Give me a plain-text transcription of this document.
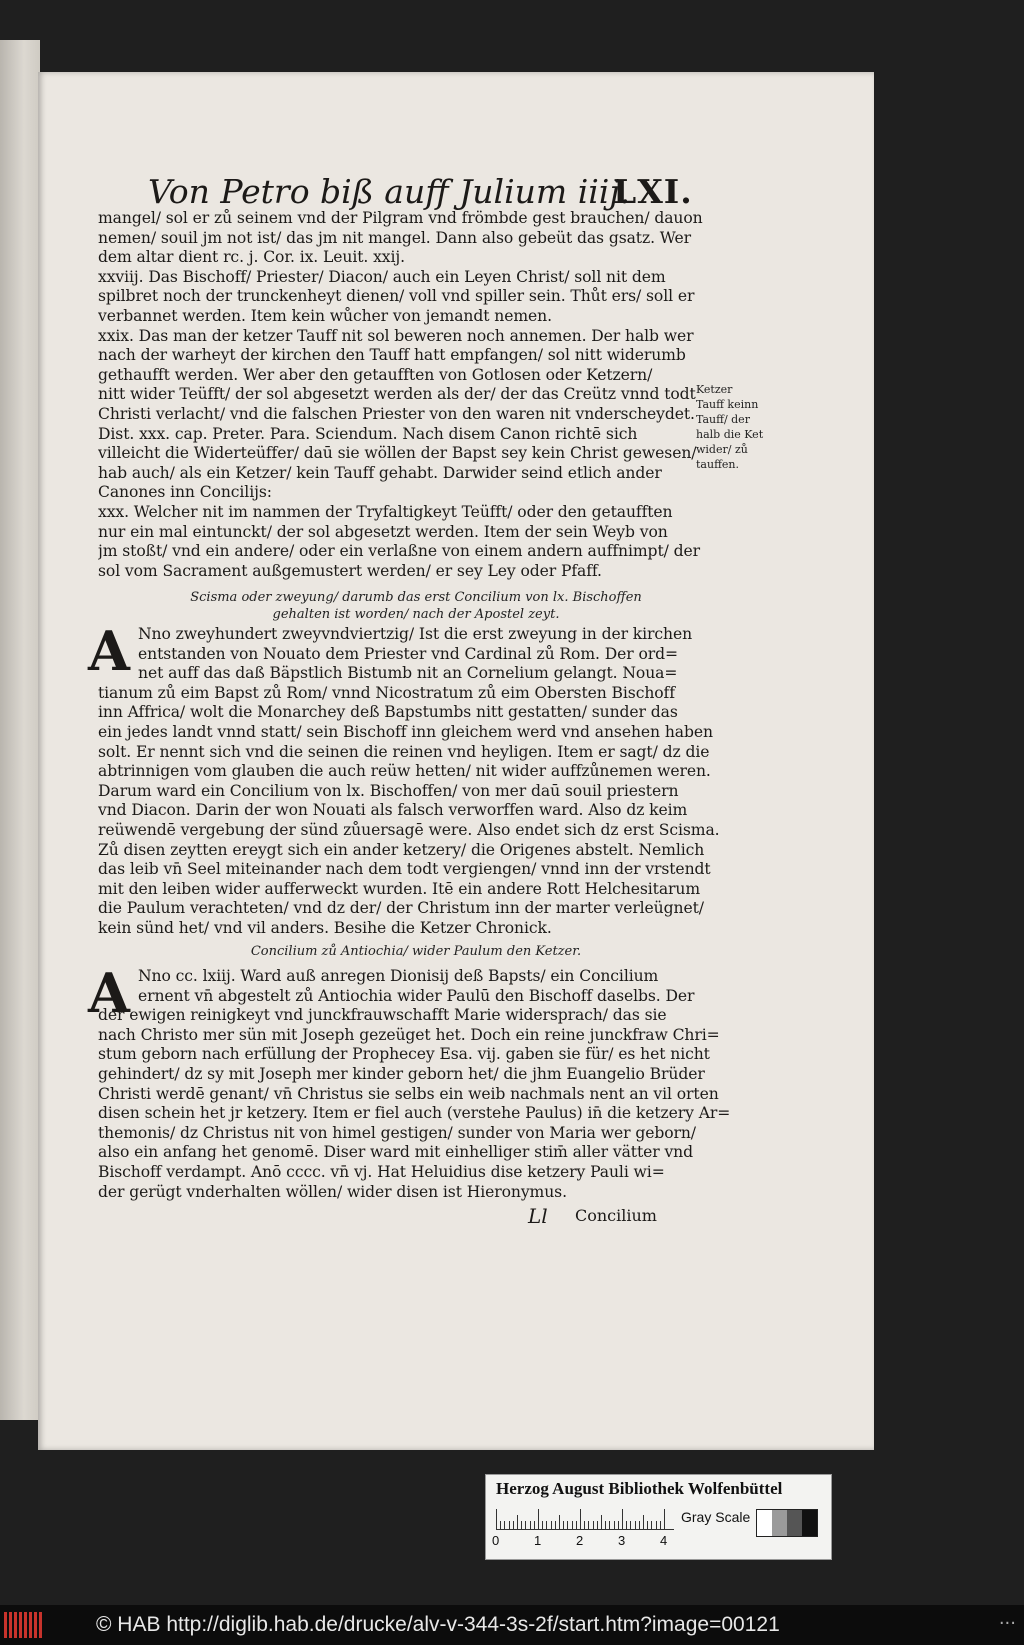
Von Petro biß auff Julium iiij.
LXI.
Concilium zů Antiochia/ wider Paulum den Ketzer.
A
A
Ketzer
Tauff keinn
Tauff/ der
halb die Ket
wider/ zů
tauffen.
Ll Concilium
mangel/ sol er zů seinem vnd der Pilgram vnd frömbde gest brauchen/ dauon
nemen/ souil jm not ist/ das jm nit mangel. Dann also gebeüt das gsatz. Wer
dem altar dient rc. j. Cor. ix. Leuit. xxij.
xxviij. Das Bischoff/ Priester/ Diacon/ auch ein Leyen Christ/ soll nit dem
spilbret noch der trunckenheyt dienen/ voll vnd spiller sein. Thůt ers/ soll er
verbannet werden. Item kein wůcher von jemandt nemen.
xxix. Das man der ketzer Tauff nit sol beweren noch annemen. Der halb wer
nach der warheyt der kirchen den Tauff hatt empfangen/ sol nitt widerumb
gethaufft werden. Wer aber den getaufften von Gotlosen oder Ketzern/
nitt wider Teüfft/ der sol abgesetzt werden als der/ der das Creütz vnnd todt
Christi verlacht/ vnd die falschen Priester von den waren nit vnderscheydet.
Dist. xxx. cap. Preter. Para. Sciendum. Nach disem Canon richtē sich
villeicht die Widerteüffer/ daū sie wöllen der Bapst sey kein Christ gewesen/
hab auch/ als ein Ketzer/ kein Tauff gehabt. Darwider seind etlich ander
Canones inn Concilijs:
xxx. Welcher nit im nammen der Tryfaltigkeyt Teüfft/ oder den getaufften
nur ein mal eintunckt/ der sol abgesetzt werden. Item der sein Weyb von
jm stoßt/ vnd ein andere/ oder ein verlaßne von einem andern auffnimpt/ der
sol vom Sacrament außgemustert werden/ er sey Ley oder Pfaff.
Nno zweyhundert zweyvndviertzig/ Ist die erst zweyung in der kirchen
entstanden von Nouato dem Priester vnd Cardinal zů Rom. Der ord=
net auff das daß Bäpstlich Bistumb nit an Cornelium gelangt. Noua=
tianum zů eim Bapst zů Rom/ vnnd Nicostratum zů eim Obersten Bischoff
inn Affrica/ wolt die Monarchey deß Bapstumbs nitt gestatten/ sunder das
ein jedes landt vnnd statt/ sein Bischoff inn gleichem werd vnd ansehen haben
solt. Er nennt sich vnd die seinen die reinen vnd heyligen. Item er sagt/ dz die
abtrinnigen vom glauben die auch reüw hetten/ nit wider auffzůnemen weren.
Darum ward ein Concilium von lx. Bischoffen/ von mer daū souil priestern
vnd Diacon. Darin der won Nouati als falsch verworffen ward. Also dz keim
reüwendē vergebung der sünd zůuersagē were. Also endet sich dz erst Scisma.
Zů disen zeytten ereygt sich ein ander ketzery/ die Origenes abstelt. Nemlich
das leib vn̄ Seel miteinander nach dem todt vergiengen/ vnnd inn der vrstendt
mit den leiben wider aufferweckt wurden. Itē ein andere Rott Helchesitarum
die Paulum verachteten/ vnd dz der/ der Christum inn der marter verleügnet/
kein sünd het/ vnd vil anders. Besihe die Ketzer Chronick.
Nno cc. lxiij. Ward auß anregen Dionisij deß Bapsts/ ein Concilium
ernent vn̄ abgestelt zů Antiochia wider Paulū den Bischoff daselbs. Der
der ewigen reinigkeyt vnd junckfrauwschafft Marie widersprach/ das sie
nach Christo mer sün mit Joseph gezeüget het. Doch ein reine junckfraw Chri=
stum geborn nach erfüllung der Prophecey Esa. vij. gaben sie für/ es het nicht
gehindert/ dz sy mit Joseph mer kinder geborn het/ die jhm Euangelio Brüder
Christi werdē genant/ vn̄ Christus sie selbs ein weib nachmals nent an vil orten
disen schein het jr ketzery. Item er fiel auch (verstehe Paulus) in̄ die ketzery Ar=
themonis/ dz Christus nit von himel gestigen/ sunder von Maria wer geborn/
also ein anfang het genomē. Diser ward mit einhelliger stim̄ aller vätter vnd
Bischoff verdampt. Anō cccc. vn̄ vj. Hat Heluidius dise ketzery Pauli wi=
der gerügt vnderhalten wöllen/ wider disen ist Hieronymus.
Scisma oder zweyung/ darumb das erst Concilium von lx. Bischoffen
gehalten ist worden/ nach der Apostel zeyt.
Herzog August Bibliothek Wolfenbüttel
Gray Scale
0	1	2	3	4
© HAB http://diglib.hab.de/drucke/alv-v-344-3s-2f/start.htm?image=00121	···
